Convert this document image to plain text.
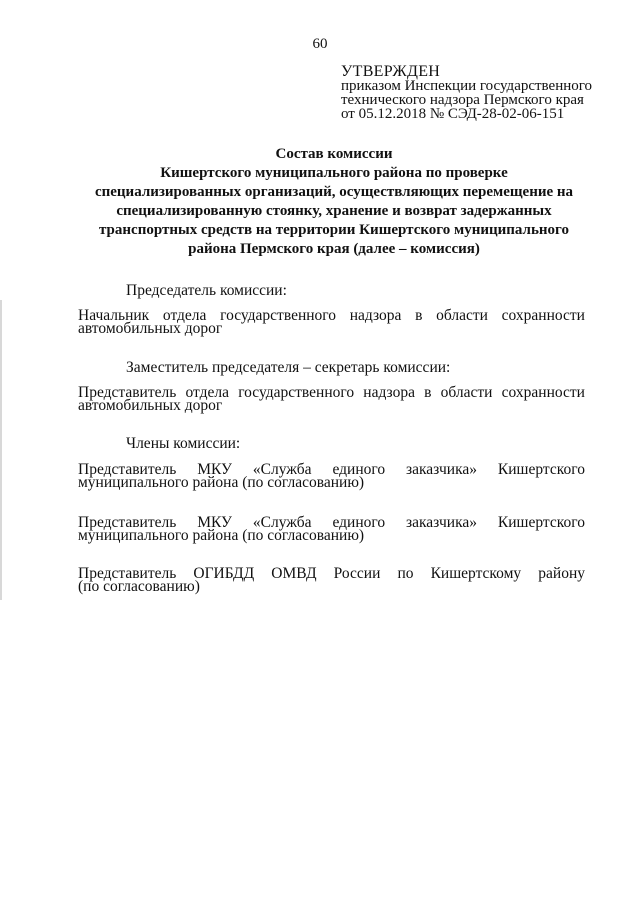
60
УТВЕРЖДЕН
приказом Инспекции государственного
технического надзора Пермского края
от 05.12.2018 № СЭД-28-02-06-151
Состав комиссии
Кишертского муниципального района по проверке
специализированных организаций, осуществляющих перемещение на
специализированную стоянку, хранение и возврат задержанных
транспортных средств на территории Кишертского муниципального
района Пермского края (далее – комиссия)
Председатель комиссии:
Начальник отдела государственного надзора в области сохранности
автомобильных дорог
Заместитель председателя – секретарь комиссии:
Представитель отдела государственного надзора в области сохранности
автомобильных дорог
Члены комиссии:
Представитель МКУ «Служба единого заказчика» Кишертского
муниципального района (по согласованию)
Представитель МКУ «Служба единого заказчика» Кишертского
муниципального района (по согласованию)
Представитель ОГИБДД ОМВД России по Кишертскому району
(по согласованию)
